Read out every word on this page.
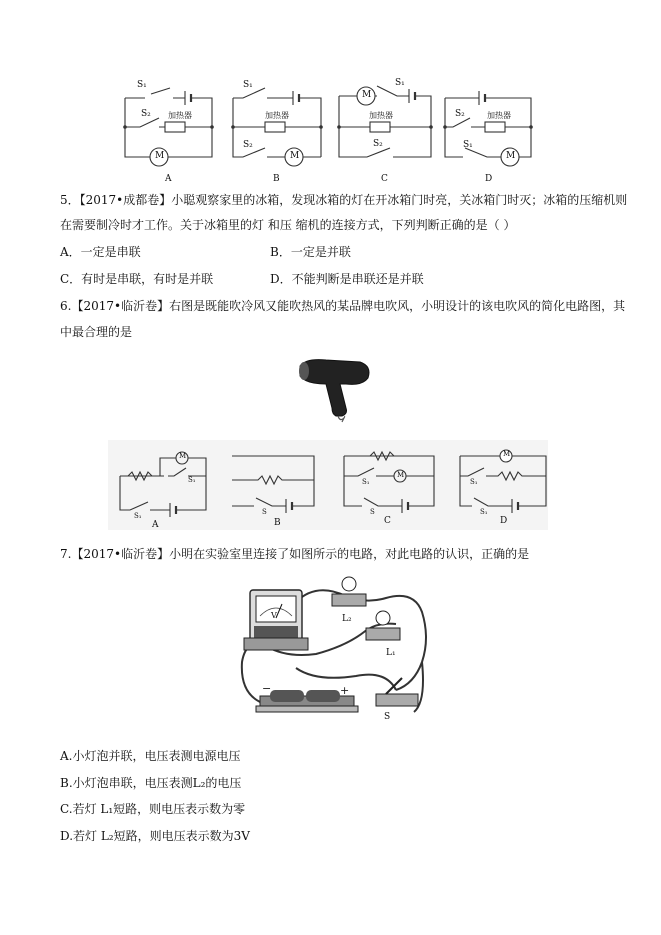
S₁
S₂ 加热器
M
A
S₁
加热器
S₂
M
B
M
S₁
加热器
S₂
C
S₂	加热器
S₁
M
D
5．【2017•成都卷】小聪观察家里的冰箱，发现冰箱的灯在开冰箱门时亮，关冰箱门时灭；冰箱的压缩机则
在需要制冷时才工作。关于冰箱里的灯 和压 缩机的连接方式，下列判断正确的是（ ）
A．一定是串联	B．一定是并联
C．有时是串联，有时是并联	D．不能判断是串联还是并联
6.【2017•临沂卷】右图是既能吹冷风又能吹热风的某品牌电吹风，小明设计的该电吹风的简化电路图，其
中最合理的是
M
S₁
S₁
A
S
B
M
S₁
S
C
M
S₁
S₁
D
7.【2017•临沂卷】小明在实验室里连接了如图所示的电路，对此电路的认识，正确的是
+
−
V	L₂
L₁
S
A.小灯泡并联，电压表测电源电压
B.小灯泡串联，电压表测L₂的电压
C.若灯 L₁短路，则电压表示数为零
D.若灯 L₂短路，则电压表示数为3V
